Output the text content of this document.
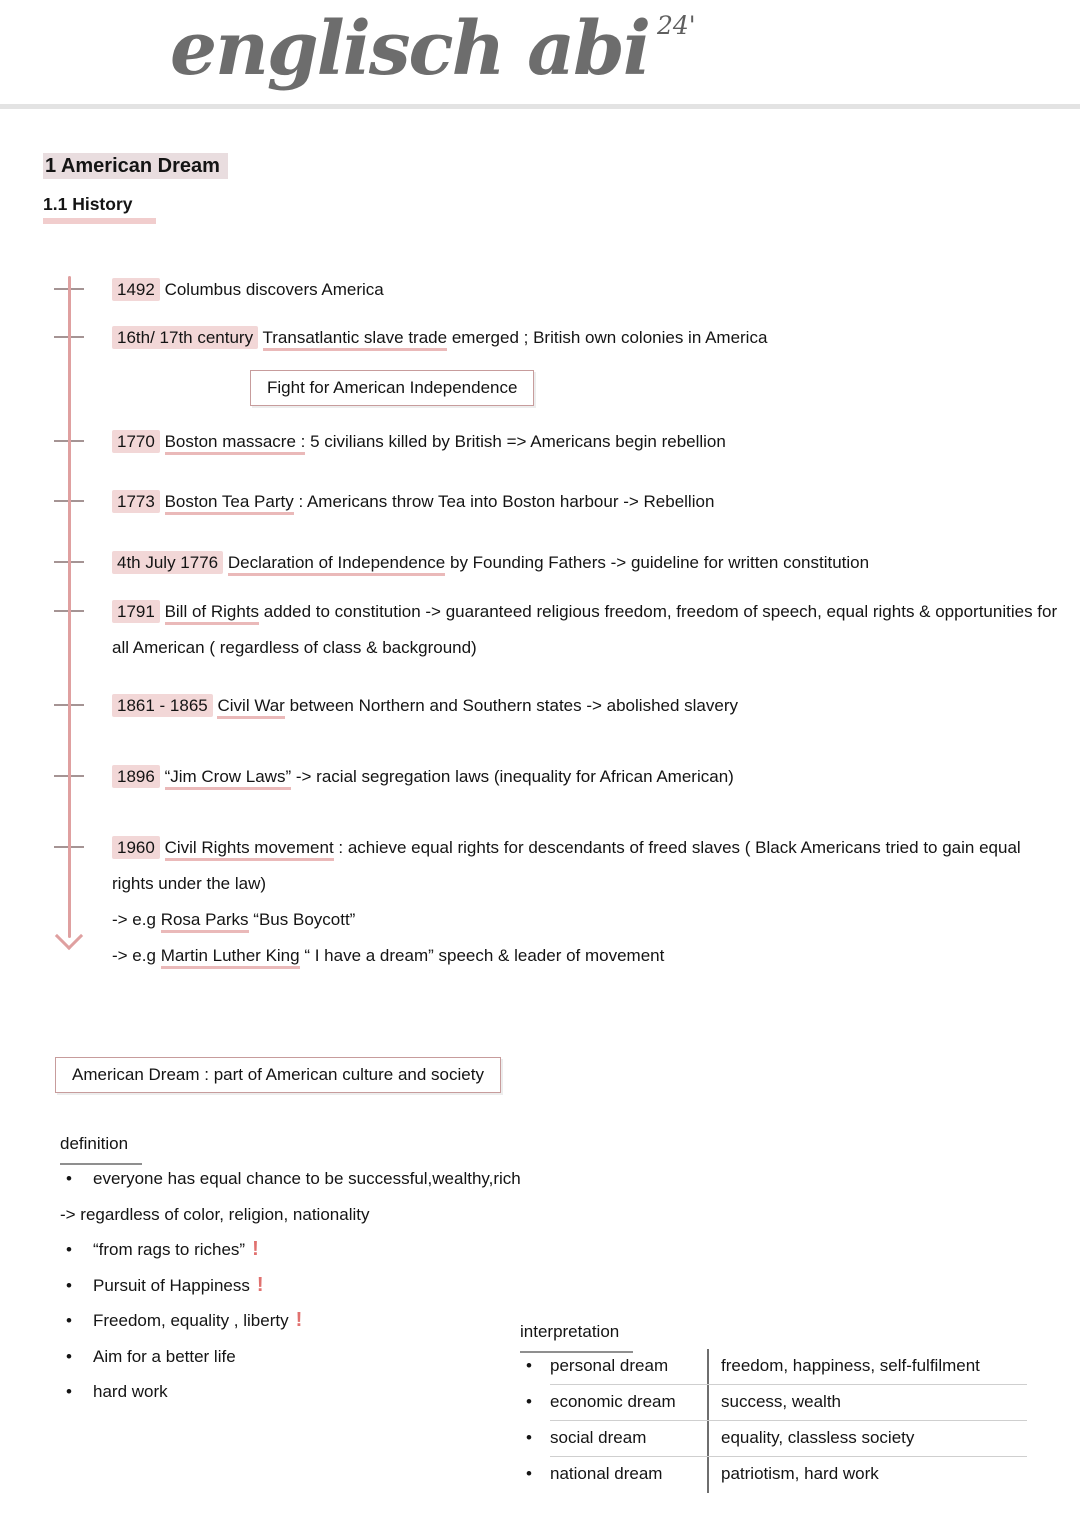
englisch abi 24'
1 American Dream
1.1 History
1492 Columbus discovers America
16th/ 17th century Transatlantic slave trade emerged ; British own colonies in America
Fight for American Independence
1770 Boston massacre : 5 civilians killed by British => Americans begin rebellion
1773 Boston Tea Party : Americans throw Tea into Boston harbour -> Rebellion
4th July 1776 Declaration of Independence by Founding Fathers -> guideline for written constitution
1791 Bill of Rights added to constitution -> guaranteed religious freedom, freedom of speech, equal rights & opportunities for all American ( regardless of class & background)
1861 - 1865 Civil War between Northern and Southern states -> abolished slavery
1896 “Jim Crow Laws” -> racial segregation laws (inequality for African American)
1960 Civil Rights movement : achieve equal rights for descendants of freed slaves ( Black Americans tried to gain equal rights under the law)
-> e.g Rosa Parks “Bus Boycott”
-> e.g Martin Luther King “ I have a dream” speech & leader of movement
American Dream : part of American culture and society
definition
• everyone has equal chance to be successful,wealthy,rich
-> regardless of color, religion, nationality
• “from rags to riches” !
• Pursuit of Happiness !
• Freedom, equality , liberty !
• Aim for a better life
• hard work
interpretation
• personal dream	freedom, happiness, self-fulfilment
• economic dream	success, wealth
• social dream	equality, classless society
• national dream	patriotism, hard work
